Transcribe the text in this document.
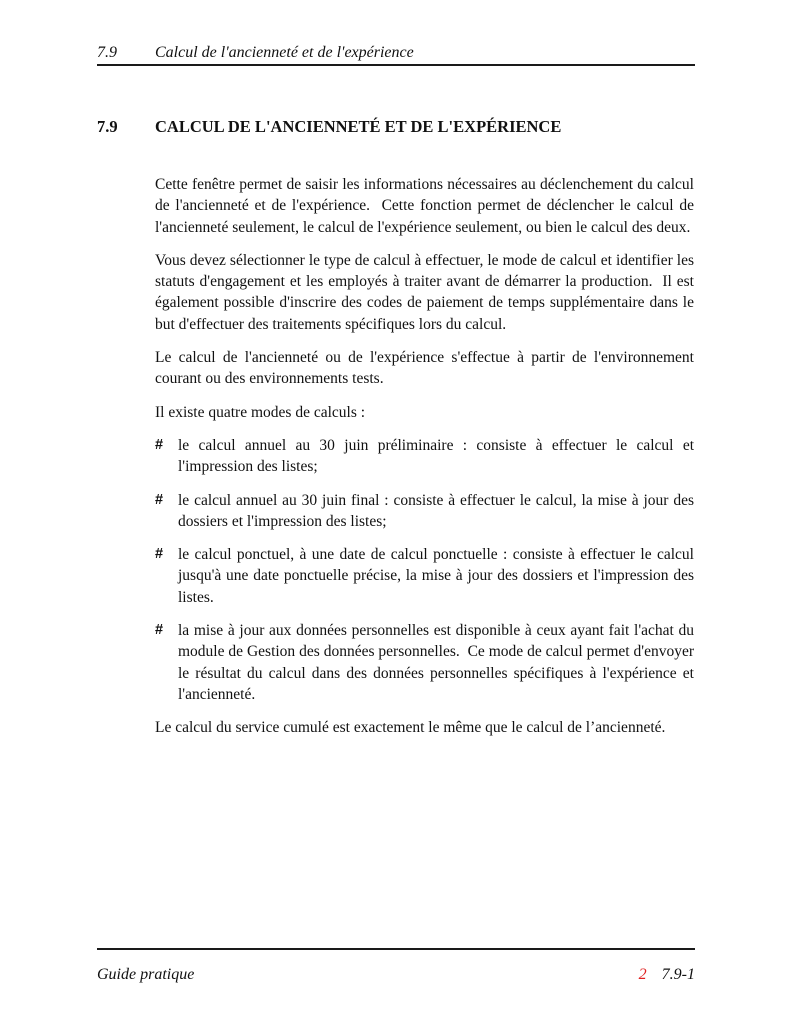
7.9	Calcul de l'ancienneté et de l'expérience
7.9	CALCUL DE L'ANCIENNETÉ ET DE L'EXPÉRIENCE

Cette fenêtre permet de saisir les informations nécessaires au déclenchement du calcul de l'ancienneté et de l'expérience.  Cette fonction permet de déclencher le calcul de l'ancienneté seulement, le calcul de l'expérience seulement, ou bien le calcul des deux.

Vous devez sélectionner le type de calcul à effectuer, le mode de calcul et identifier les statuts d'engagement et les employés à traiter avant de démarrer la production.  Il est également possible d'inscrire des codes de paiement de temps supplémentaire dans le but d'effectuer des traitements spécifiques lors du calcul.

Le calcul de l'ancienneté ou de l'expérience s'effectue à partir de l'environnement courant ou des environnements tests.

Il existe quatre modes de calculs :

# le calcul annuel au 30 juin préliminaire : consiste à effectuer le calcul et l'impression des listes;
# le calcul annuel au 30 juin final : consiste à effectuer le calcul, la mise à jour des dossiers et l'impression des listes;
# le calcul ponctuel, à une date de calcul ponctuelle : consiste à effectuer le calcul jusqu'à une date ponctuelle précise, la mise à jour des dossiers et l'impression des listes.
# la mise à jour aux données personnelles est disponible à ceux ayant fait l'achat du module de Gestion des données personnelles.  Ce mode de calcul permet d'envoyer le résultat du calcul dans des données personnelles spécifiques à l'expérience et l'ancienneté.

Le calcul du service cumulé est exactement le même que le calcul de l’ancienneté.

Guide pratique	2 7.9-1
